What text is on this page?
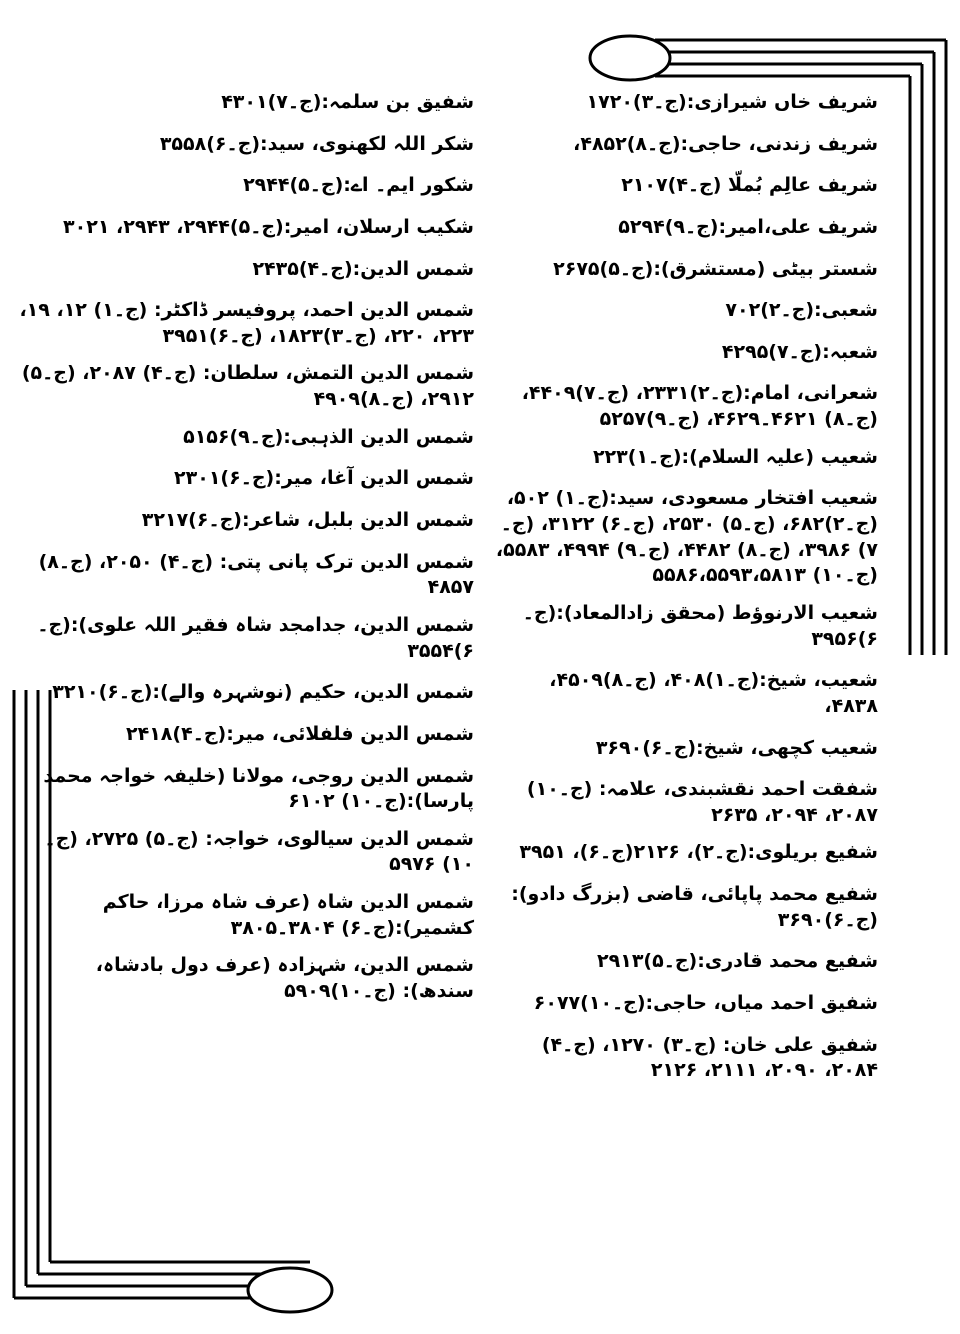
شریف خاں شیرازی:(ج۔۳)۱۷۲۰
شریف زندنی، حاجی:(ج۔۸)۴۸۵۲،
شریف عالِم بُملّا (ج۔۴)۲۱۰۷
شریف علی،امیر:(ج۔۹)۵۲۹۴
شستر بیٹی (مستشرق):(ج۔۵)۲۶۷۵
شعبی:(ج۔۲)۷۰۲
شعبہ:(ج۔۷)۴۲۹۵
شعرانی، امام:(ج۔۲)۲۳۳۱، (ج۔۷)۴۴۰۹، (ج۔۸) ۴۶۲۱۔۴۶۲۹، (ج۔۹)۵۲۵۷
شعیب (علیہ السلام):(ج۔۱)۲۲۳
شعیب افتخار مسعودی، سید:(ج۔۱) ۵۰۲، (ج۔۲)۶۸۲، (ج۔۵) ۲۵۳۰، (ج۔۶) ۳۱۲۲، (ج۔۷) ۳۹۸۶، (ج۔۸) ۴۴۸۲، (ج۔۹) ۴۹۹۴، ۵۵۸۳، (ج۔۱۰) ۵۵۸۶،۵۵۹۳،۵۸۱۳
شعیب الارنوؤط (محقق زادالمعاد):(ج۔۶)۳۹۵۶
شعیب، شیخ:(ج۔۱)۴۰۸، (ج۔۸)۴۵۰۹، ۴۸۳۸،
شعیب کچھی، شیخ:(ج۔۶)۳۶۹۰
شفقت احمد نقشبندی، علامہ: (ج۔۱۰) ۲۰۸۷، ۲۰۹۴، ۲۶۳۵
شفیع بریلوی:(ج۔۲)، ۲۱۲۶(ج۔۶)، ۳۹۵۱
شفیع محمد پاپائی، قاضی (بزرگ دادو):(ج۔۶)۳۶۹۰
شفیع محمد قادری:(ج۔۵)۲۹۱۳
شفیق احمد میاں، حاجی:(ج۔۱۰)۶۰۷۷
شفیق علی خان: (ج۔۳) ۱۲۷۰، (ج۔۴) ۲۰۸۴، ۲۰۹۰، ۲۱۱۱، ۲۱۲۶
شفیق بن سلمہ:(ج۔۷)۴۳۰۱
شکر اللہ لکھنوی، سید:(ج۔۶)۳۵۵۸
شکور ایم۔ اے:(ج۔۵)۲۹۴۴
شکیب ارسلان، امیر:(ج۔۵)۲۹۴۴، ۲۹۴۳، ۳۰۲۱
شمس الدین:(ج۔۴)۲۴۳۵
شمس الدین احمد، پروفیسر ڈاکٹر: (ج۔۱) ۱۲، ۱۹، ۲۲۳، ۲۲۰، (ج۔۳)۱۸۲۳، (ج۔۶)۳۹۵۱
شمس الدین التمش، سلطان: (ج۔۴) ۲۰۸۷، (ج۔۵) ۲۹۱۲، (ج۔۸)۴۹۰۹
شمس الدین الذہبی:(ج۔۹)۵۱۵۶
شمس الدین آغا، میر:(ج۔۶)۲۳۰۱
شمس الدین بلبل، شاعر:(ج۔۶)۳۲۱۷
شمس الدین ترک پانی پتی: (ج۔۴) ۲۰۵۰، (ج۔۸) ۴۸۵۷
شمس الدین، جدامجد شاہ فقیر اللہ علوی):(ج۔۶)۳۵۵۴
شمس الدین، حکیم (نوشہرہ والے):(ج۔۶)۳۲۱۰
شمس الدین فلفلائی، میر:(ج۔۴)۲۴۱۸
شمس الدین روجی، مولانا (خلیفہ خواجہ محمد پارسا):(ج۔۱۰) ۶۱۰۲
شمس الدین سیالوی، خواجہ: (ج۔۵) ۲۷۲۵، (ج۔۱۰) ۵۹۷۶
شمس الدین شاہ (عرف شاہ مرزا، حاکم کشمیر):(ج۔۶) ۳۸۰۴۔۳۸۰۵
شمس الدین، شہزادہ (عرف دول بادشاہ، سندھ): (ج۔۱۰)۵۹۰۹
